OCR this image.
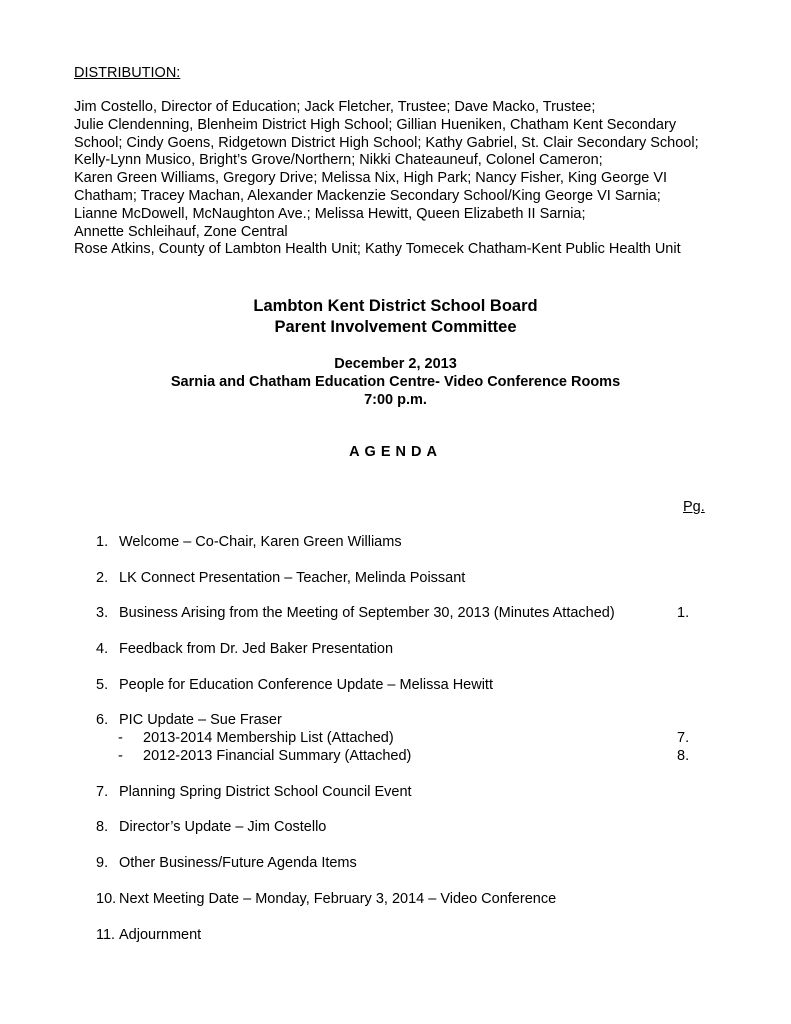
DISTRIBUTION:
Jim Costello, Director of Education; Jack Fletcher, Trustee; Dave Macko, Trustee;
Julie Clendenning, Blenheim District High School; Gillian Hueniken, Chatham Kent Secondary
School; Cindy Goens, Ridgetown District High School; Kathy Gabriel, St. Clair Secondary School;
Kelly-Lynn Musico, Bright’s Grove/Northern; Nikki Chateauneuf, Colonel Cameron;
Karen Green Williams, Gregory Drive; Melissa Nix, High Park; Nancy Fisher, King George VI
Chatham; Tracey Machan, Alexander Mackenzie Secondary School/King George VI Sarnia;
Lianne McDowell, McNaughton Ave.; Melissa Hewitt, Queen Elizabeth II Sarnia;
Annette Schleihauf, Zone Central
Rose Atkins, County of Lambton Health Unit; Kathy Tomecek Chatham-Kent Public Health Unit
Lambton Kent District School Board
Parent Involvement Committee
December 2, 2013
Sarnia and Chatham Education Centre- Video Conference Rooms
7:00 p.m.
AGENDA
Pg.
1. Welcome – Co-Chair, Karen Green Williams
2. LK Connect Presentation – Teacher, Melinda Poissant
3. Business Arising from the Meeting of September 30, 2013 (Minutes Attached)	1.
4. Feedback from Dr. Jed Baker Presentation
5. People for Education Conference Update – Melissa Hewitt
6. PIC Update – Sue Fraser
- 2013-2014 Membership List (Attached)	7.
- 2012-2013 Financial Summary (Attached)	8.
7. Planning Spring District School Council Event
8. Director’s Update – Jim Costello
9. Other Business/Future Agenda Items
10. Next Meeting Date – Monday, February 3, 2014 – Video Conference
11. Adjournment
